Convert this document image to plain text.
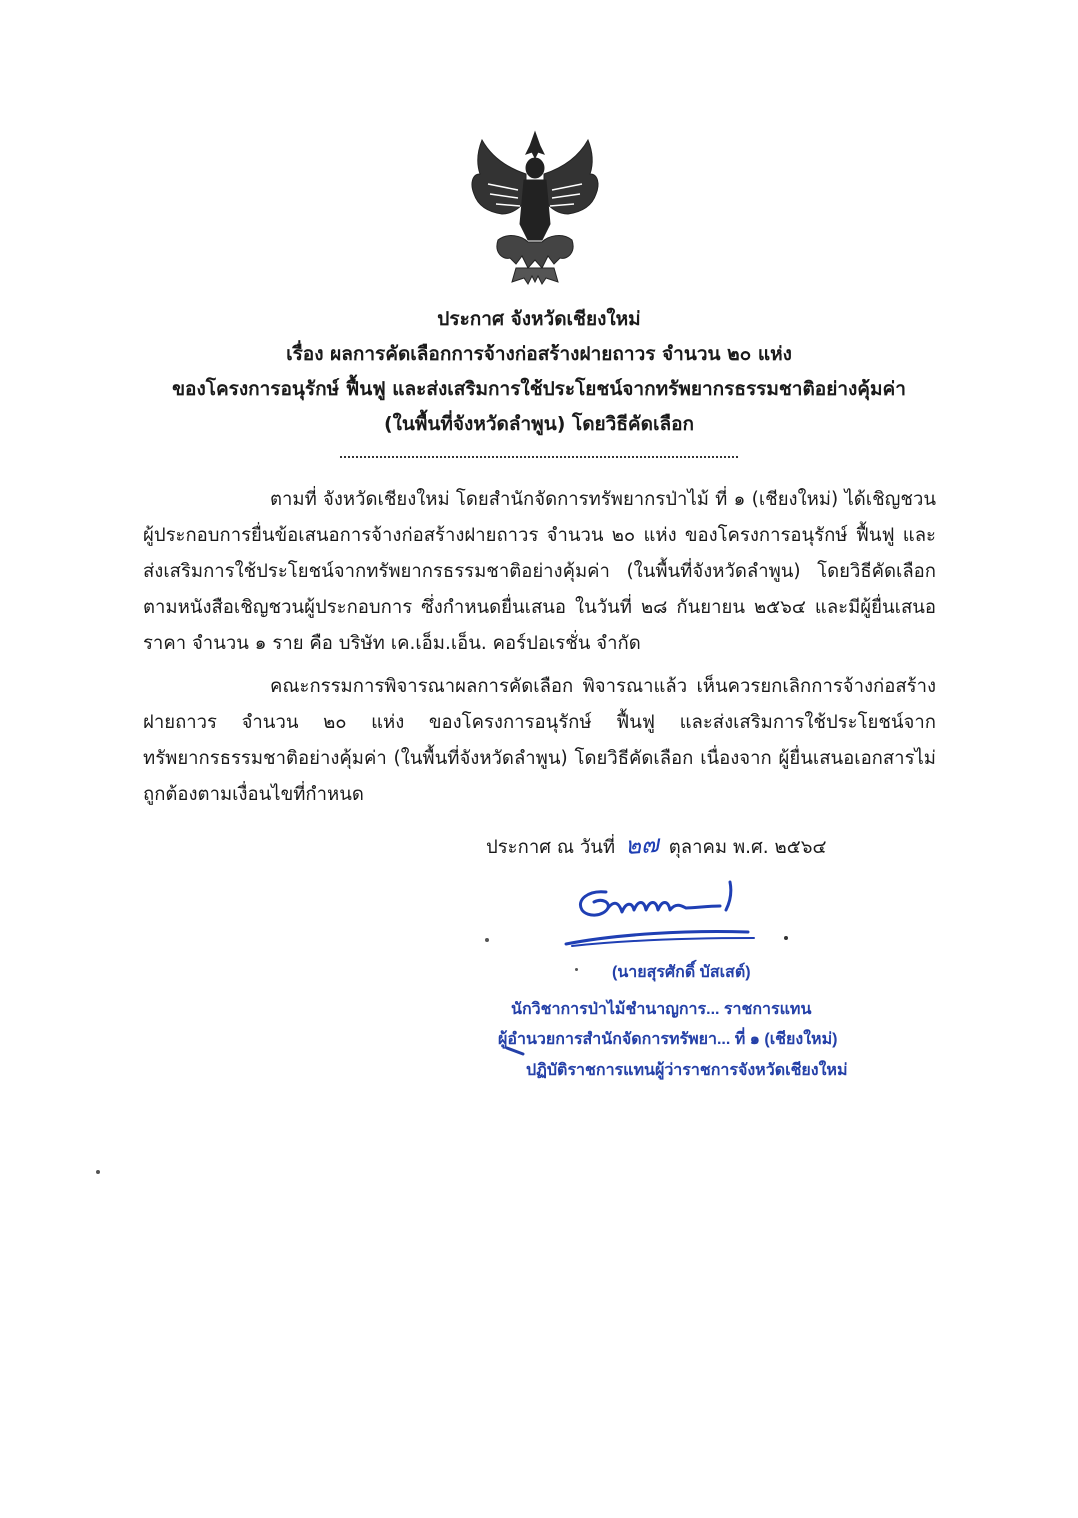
ประกาศ จังหวัดเชียงใหม่
เรื่อง ผลการคัดเลือกการจ้างก่อสร้างฝายถาวร จำนวน ๒๐ แห่ง
ของโครงการอนุรักษ์ ฟื้นฟู และส่งเสริมการใช้ประโยชน์จากทรัพยากรธรรมชาติอย่างคุ้มค่า
(ในพื้นที่จังหวัดลำพูน) โดยวิธีคัดเลือก

ตามที่ จังหวัดเชียงใหม่ โดยสำนักจัดการทรัพยากรป่าไม้ ที่ ๑ (เชียงใหม่) ได้เชิญชวนผู้ประกอบการยื่นข้อเสนอการจ้างก่อสร้างฝายถาวร จำนวน ๒๐ แห่ง ของโครงการอนุรักษ์ ฟื้นฟู และส่งเสริมการใช้ประโยชน์จากทรัพยากรธรรมชาติอย่างคุ้มค่า (ในพื้นที่จังหวัดลำพูน) โดยวิธีคัดเลือก ตามหนังสือเชิญชวนผู้ประกอบการ ซึ่งกำหนดยื่นเสนอ ในวันที่ ๒๘ กันยายน ๒๕๖๔ และมีผู้ยื่นเสนอราคา จำนวน ๑ ราย คือ บริษัท เค.เอ็ม.เอ็น. คอร์ปอเรชั่น จำกัด

คณะกรรมการพิจารณาผลการคัดเลือก พิจารณาแล้ว เห็นควรยกเลิกการจ้างก่อสร้างฝายถาวร จำนวน ๒๐ แห่ง ของโครงการอนุรักษ์ ฟื้นฟู และส่งเสริมการใช้ประโยชน์จากทรัพยากรธรรมชาติอย่างคุ้มค่า (ในพื้นที่จังหวัดลำพูน) โดยวิธีคัดเลือก เนื่องจาก ผู้ยื่นเสนอเอกสารไม่ถูกต้องตามเงื่อนไขที่กำหนด

ประกาศ ณ วันที่ ๒๗ ตุลาคม พ.ศ. ๒๕๖๔
(นายสุรศักดิ์ บัสเสต์)
นักวิชาการป่าไม้ชำนาญการ... ราชการแทน
ผู้อำนวยการสำนักจัดการทรัพยา... ที่ ๑ (เชียงใหม่)
ปฏิบัติราชการแทนผู้ว่าราชการจังหวัดเชียงใหม่
